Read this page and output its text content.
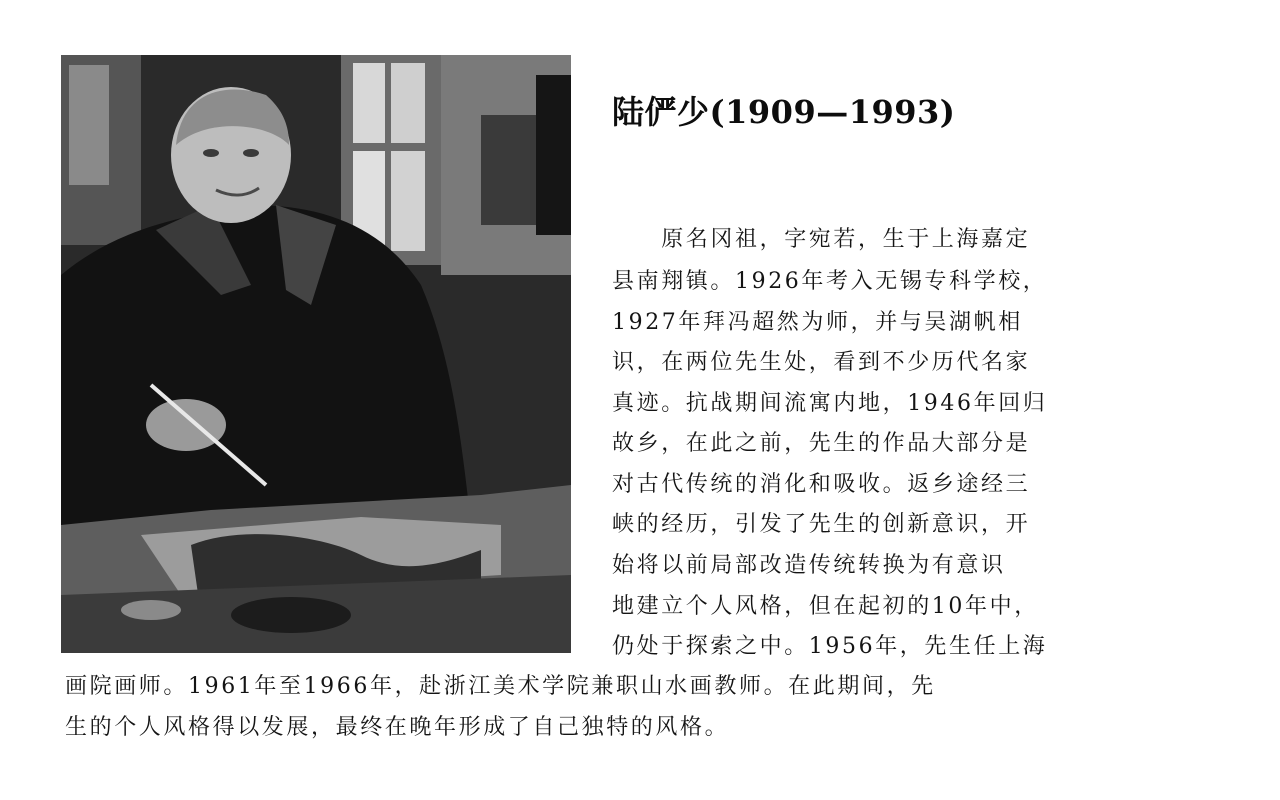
陆俨少(1909—1993)
　　原名冈祖，字宛若，生于上海嘉定
县南翔镇。1926年考入无锡专科学校，
1927年拜冯超然为师，并与吴湖帆相
识，在两位先生处，看到不少历代名家
真迹。抗战期间流寓内地，1946年回归
故乡，在此之前，先生的作品大部分是
对古代传统的消化和吸收。返乡途经三
峡的经历，引发了先生的创新意识，开
始将以前局部改造传统转换为有意识
地建立个人风格，但在起初的10年中，
仍处于探索之中。1956年，先生任上海
画院画师。1961年至1966年，赴浙江美术学院兼职山水画教师。在此期间，先
生的个人风格得以发展，最终在晚年形成了自己独特的风格。
